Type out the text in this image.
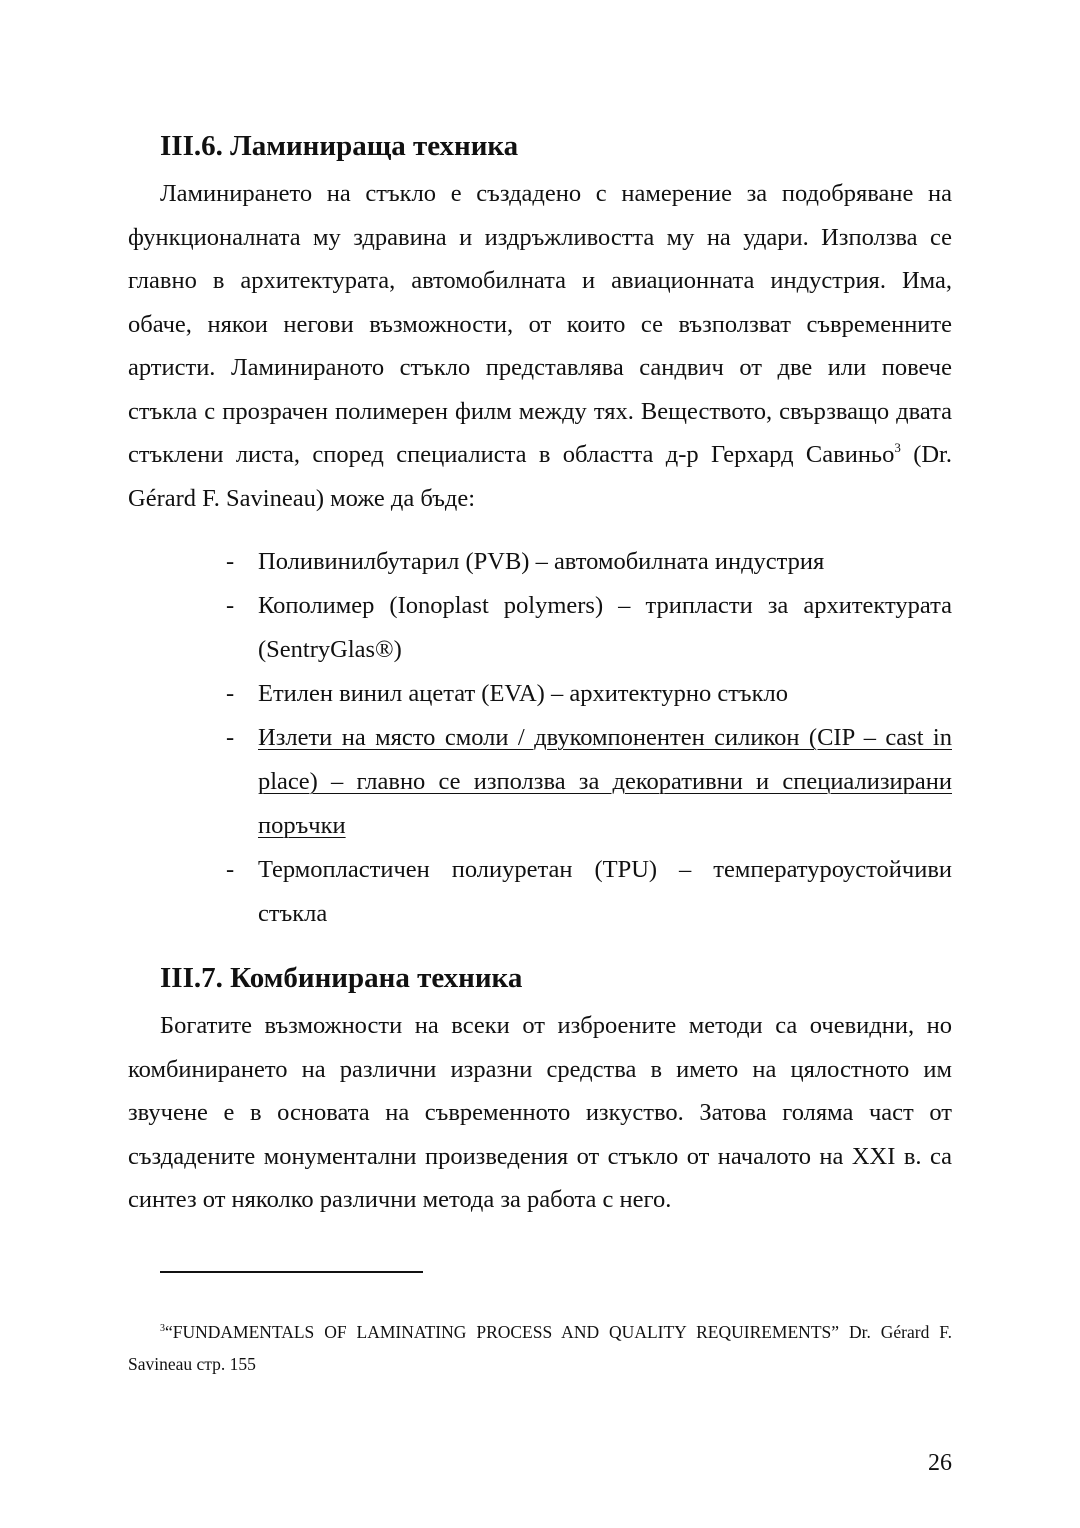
III.6. Ламинираща техника

Ламинирането на стъкло е създадено с намерение за подобряване на функционалната му здравина и издръжливостта му на удари. Използва се главно в архитектурата, автомобилната и авиационната индустрия. Има, обаче, някои негови възможности, от които се възползват съвременните артисти. Ламинираното стъкло представлява сандвич от две или повече стъкла с прозрачен полимерен филм между тях. Веществото, свързващо двата стъклени листа, според специалиста в областта д-р Герхард Савиньо$^3$ (Dr. Gérard F. Savineau) може да бъде:

- Поливинилбутарил (PVB) – автомобилната индустрия
- Кополимер (Ionoplast polymers) – трипласти за архитектурата (SentryGlas®)
- Етилен винил ацетат (EVA) – архитектурно стъкло
- Излети на място смоли / двукомпонентен силикон (CIP – cast in place) – главно се използва за декоративни и специализирани поръчки
- Термопластичен полиуретан (TPU) – температуроустойчиви стъкла
III.7. Комбинирана техника

Богатите възможности на всеки от изброените методи са очевидни, но комбинирането на различни изразни средства в името на цялостното им звучене е в основата на съвременното изкуство. Затова голяма част от създадените монументални произведения от стъкло от началото на XXI в. са синтез от няколко различни метода за работа с него.

$^3$“FUNDAMENTALS OF LAMINATING PROCESS AND QUALITY REQUIREMENTS” Dr. Gérard F. Savineau стр. 155

26
